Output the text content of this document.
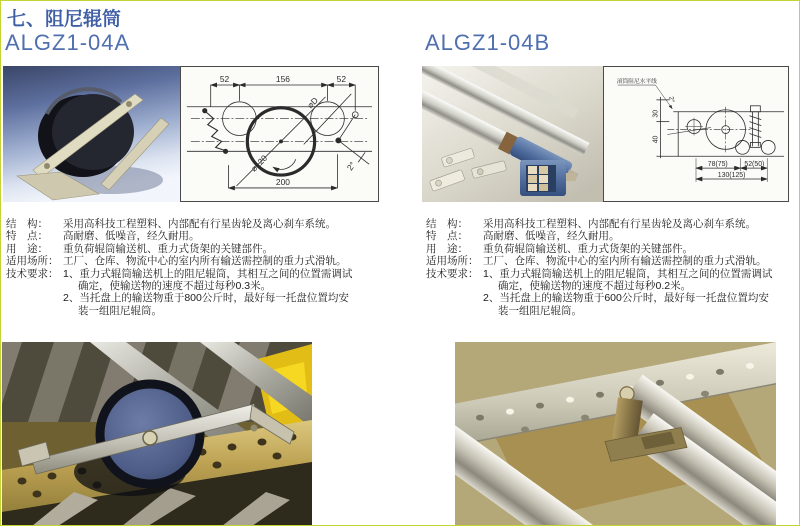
七、阻尼辊筒
ALGZ1-04A	ALGZ1-04B
52	156	52
200
⌀120
⌀D
2°
滚筒阻尼水平线
2°
30
40
78(75) 52(50)
130(125)
结　构：	采用高科技工程塑料、内部配有行星齿轮及离心刹车系统。
特　点：	高耐磨、低噪音，经久耐用。
用　途：	重负荷辊筒输送机、重力式货架的关键部件。
适用场所： 工厂、仓库、物流中心的室内所有输送需控制的重力式滑轨。
技术要求： 1、重力式辊筒输送机上的阻尼辊筒，其相互之间的位置需调试确定，使输送物的速度不超过每秒0.3米。

2、当托盘上的输送物重于800公斤时，最好每一托盘位置均安装一组阻尼辊筒。

结　构：	采用高科技工程塑料、内部配有行星齿轮及离心刹车系统。
特　点：	高耐磨、低噪音，经久耐用。
用　途：	重负荷辊筒输送机、重力式货架的关键部件。
适用场所： 工厂、仓库、物流中心的室内所有输送需控制的重力式滑轨。
技术要求： 1、重力式辊筒输送机上的阻尼辊筒，其相互之间的位置需调试确定，使输送物的速度不超过每秒0.2米。

2、当托盘上的输送物重于600公斤时，最好每一托盘位置均安装一组阻尼辊筒。
